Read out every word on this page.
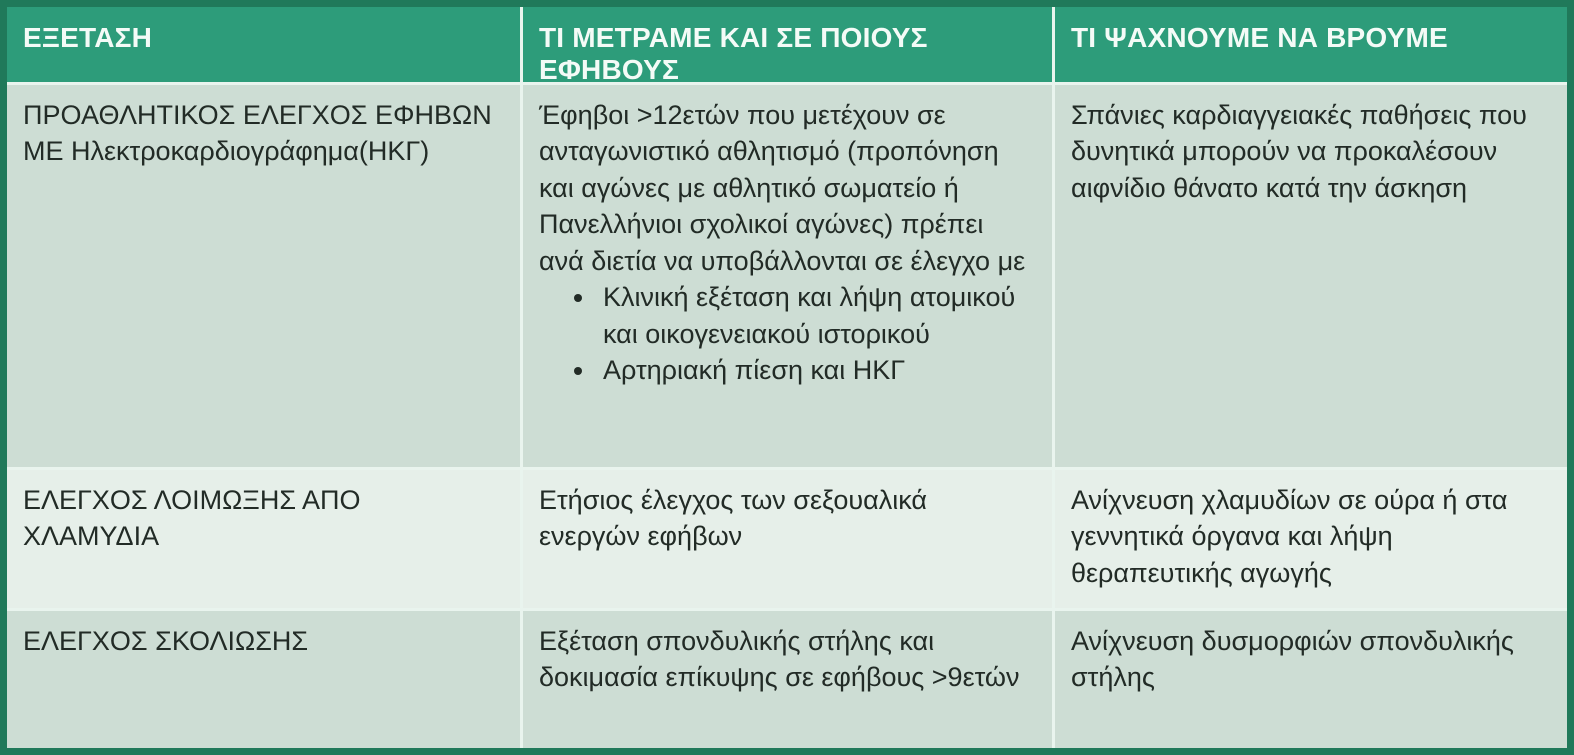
ΕΞΕΤΑΣΗ	ΤΙ ΜΕΤΡΑΜΕ ΚΑΙ ΣΕ ΠΟΙΟΥΣ ΕΦΗΒΟΥΣ
ΤΙ ΨΑΧΝΟΥΜΕ ΝΑ ΒΡΟΥΜΕ

ΠΡΟΑΘΛΗΤΙΚΟΣ ΕΛΕΓΧΟΣ ΕΦΗΒΩΝ ΜΕ Ηλεκτροκαρδιογράφημα(ΗΚΓ)

Έφηβοι >12ετών που μετέχουν σε ανταγωνιστικό αθλητισμό (προπόνηση και αγώνες με αθλητικό σωματείο ή Πανελλήνιοι σχολικοί αγώνες) πρέπει ανά διετία να υποβάλλονται σε έλεγχο με

• Κλινική εξέταση και λήψη ατομικού και οικογενειακού ιστορικού
• Αρτηριακή πίεση και ΗΚΓ

Σπάνιες καρδιαγγειακές παθήσεις που δυνητικά μπορούν να προκαλέσουν αιφνίδιο θάνατο κατά την άσκηση

ΕΛΕΓΧΟΣ ΛΟΙΜΩΞΗΣ ΑΠΟ ΧΛΑΜΥΔΙΑ

Ετήσιος έλεγχος των σεξουαλικά ενεργών εφήβων

Ανίχνευση χλαμυδίων σε ούρα ή στα γεννητικά όργανα και λήψη θεραπευτικής αγωγής

ΕΛΕΓΧΟΣ ΣΚΟΛΙΩΣΗΣ	Εξέταση σπονδυλικής στήλης και δοκιμασία επίκυψης σε εφήβους >9ετών

Ανίχνευση δυσμορφιών σπονδυλικής στήλης
